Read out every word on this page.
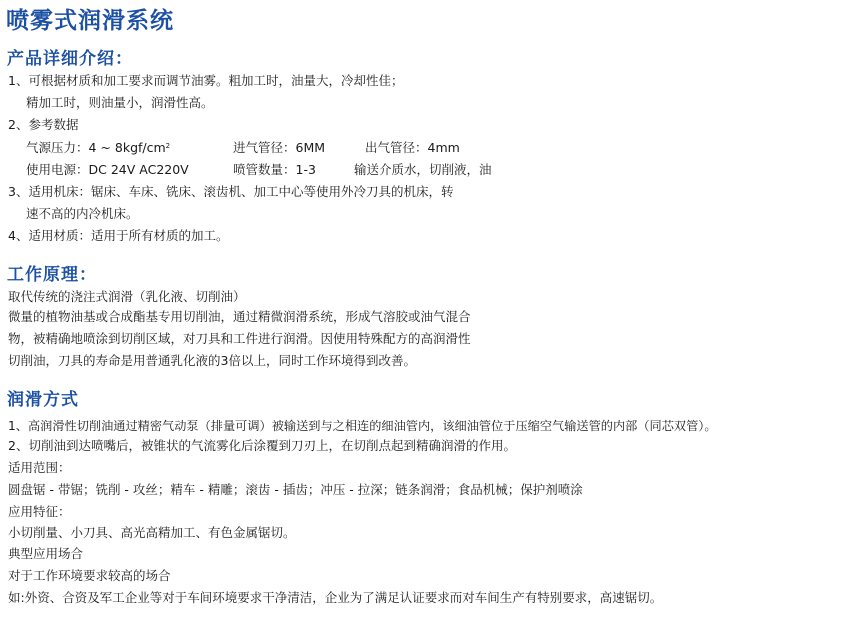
喷雾式润滑系统
产品详细介绍：
1、可根据材质和加工要求而调节油雾。粗加工时，油量大，冷却性佳；
精加工时，则油量小，润滑性高。
2、参考数据
气源压力：4 ~ $8kgf/cm^2$	进气管径：6MM	出气管径：4mm
使用电源：DC 24V AC220V	喷管数量：1-3	输送介质水，切削液，油
3、适用机床：锯床、车床、铣床、滚齿机、加工中心等使用外冷刀具的机床，转
速不高的内冷机床。
4、适用材质：适用于所有材质的加工。
工作原理：
取代传统的浇注式润滑（乳化液、切削油）
微量的植物油基或合成酯基专用切削油，通过精微润滑系统，形成气溶胶或油气混合
物，被精确地喷涂到切削区域，对刀具和工件进行润滑。因使用特殊配方的高润滑性
切削油，刀具的寿命是用普通乳化液的3倍以上，同时工作环境得到改善。
润滑方式
1、高润滑性切削油通过精密气动泵（排量可调）被输送到与之相连的细油管内，该细油管位于压缩空气输送管的内部（同芯双管）。
2、切削油到达喷嘴后，被锥状的气流雾化后涂覆到刀刃上，在切削点起到精确润滑的作用。
适用范围：
圆盘锯 - 带锯；铣削 - 攻丝；精车 - 精雕；滚齿 - 插齿；冲压 - 拉深；链条润滑；食品机械；保护剂喷涂
应用特征：
小切削量、小刀具、高光高精加工、有色金属锯切。
典型应用场合
对于工作环境要求较高的场合
如:外资、合资及军工企业等对于车间环境要求干净清洁，企业为了满足认证要求而对车间生产有特别要求，高速锯切。
